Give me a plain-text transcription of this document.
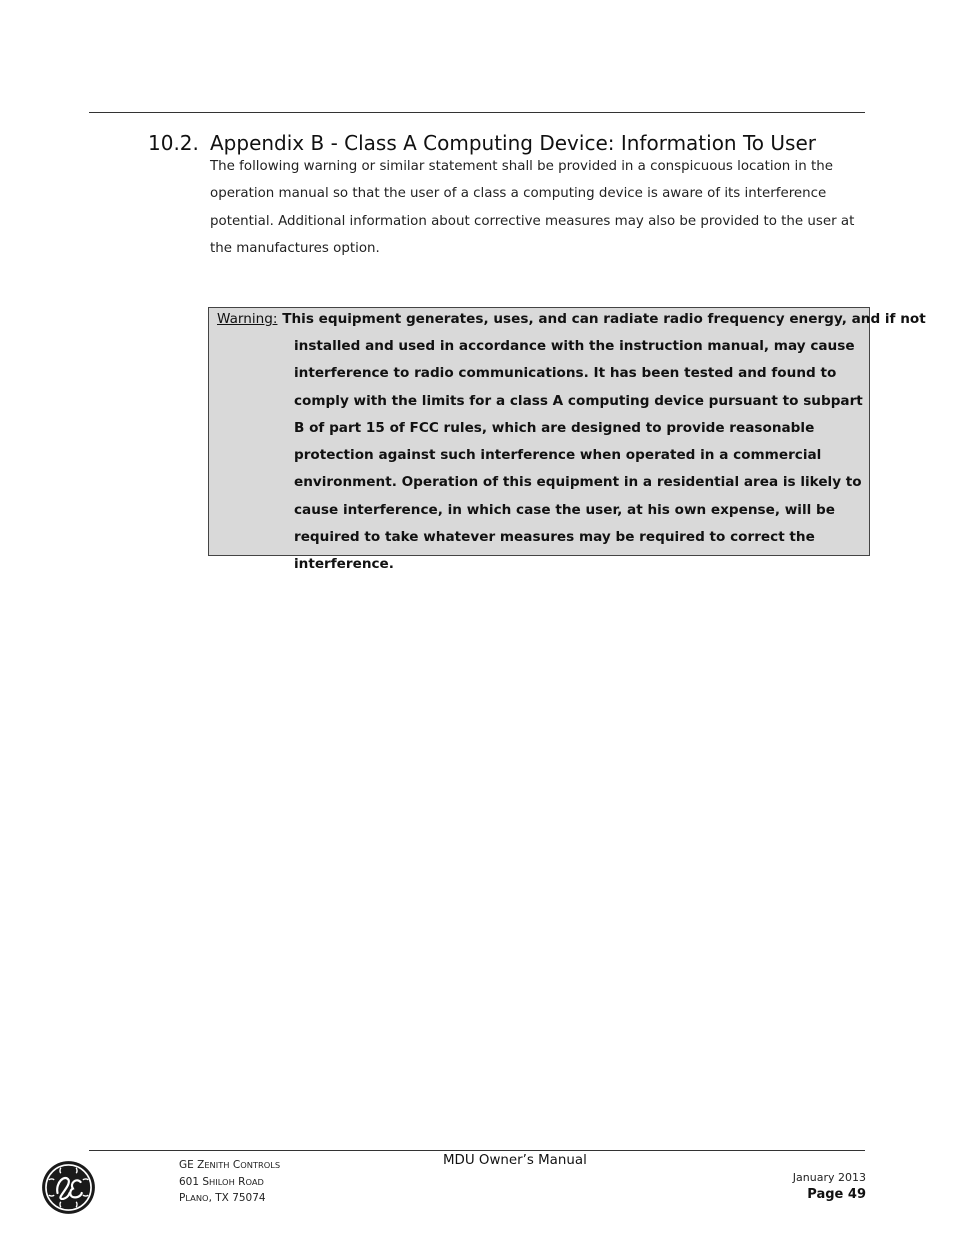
10.2. Appendix B - Class A Computing Device: Information To User
The following warning or similar statement shall be provided in a conspicuous location in the operation manual so that the user of a class a computing device is aware of its interference potential. Additional information about corrective measures may also be provided to the user at the manufactures option.
Warning: This equipment generates, uses, and can radiate radio frequency energy, and if not
installed and used in accordance with the instruction manual, may cause interference to radio communications. It has been tested and found to comply with the limits for a class A computing device pursuant to subpart B of part 15 of FCC rules, which are designed to provide reasonable protection against such interference when operated in a commercial environment. Operation of this equipment in a residential area is likely to cause interference, in which case the user, at his own expense, will be required to take whatever measures may be required to correct the interference.
GE ZENITH CONTROLS
601 SHILOH ROAD
PLANO, TX 75074
MDU Owner’s Manual
January 2013
Page 49
